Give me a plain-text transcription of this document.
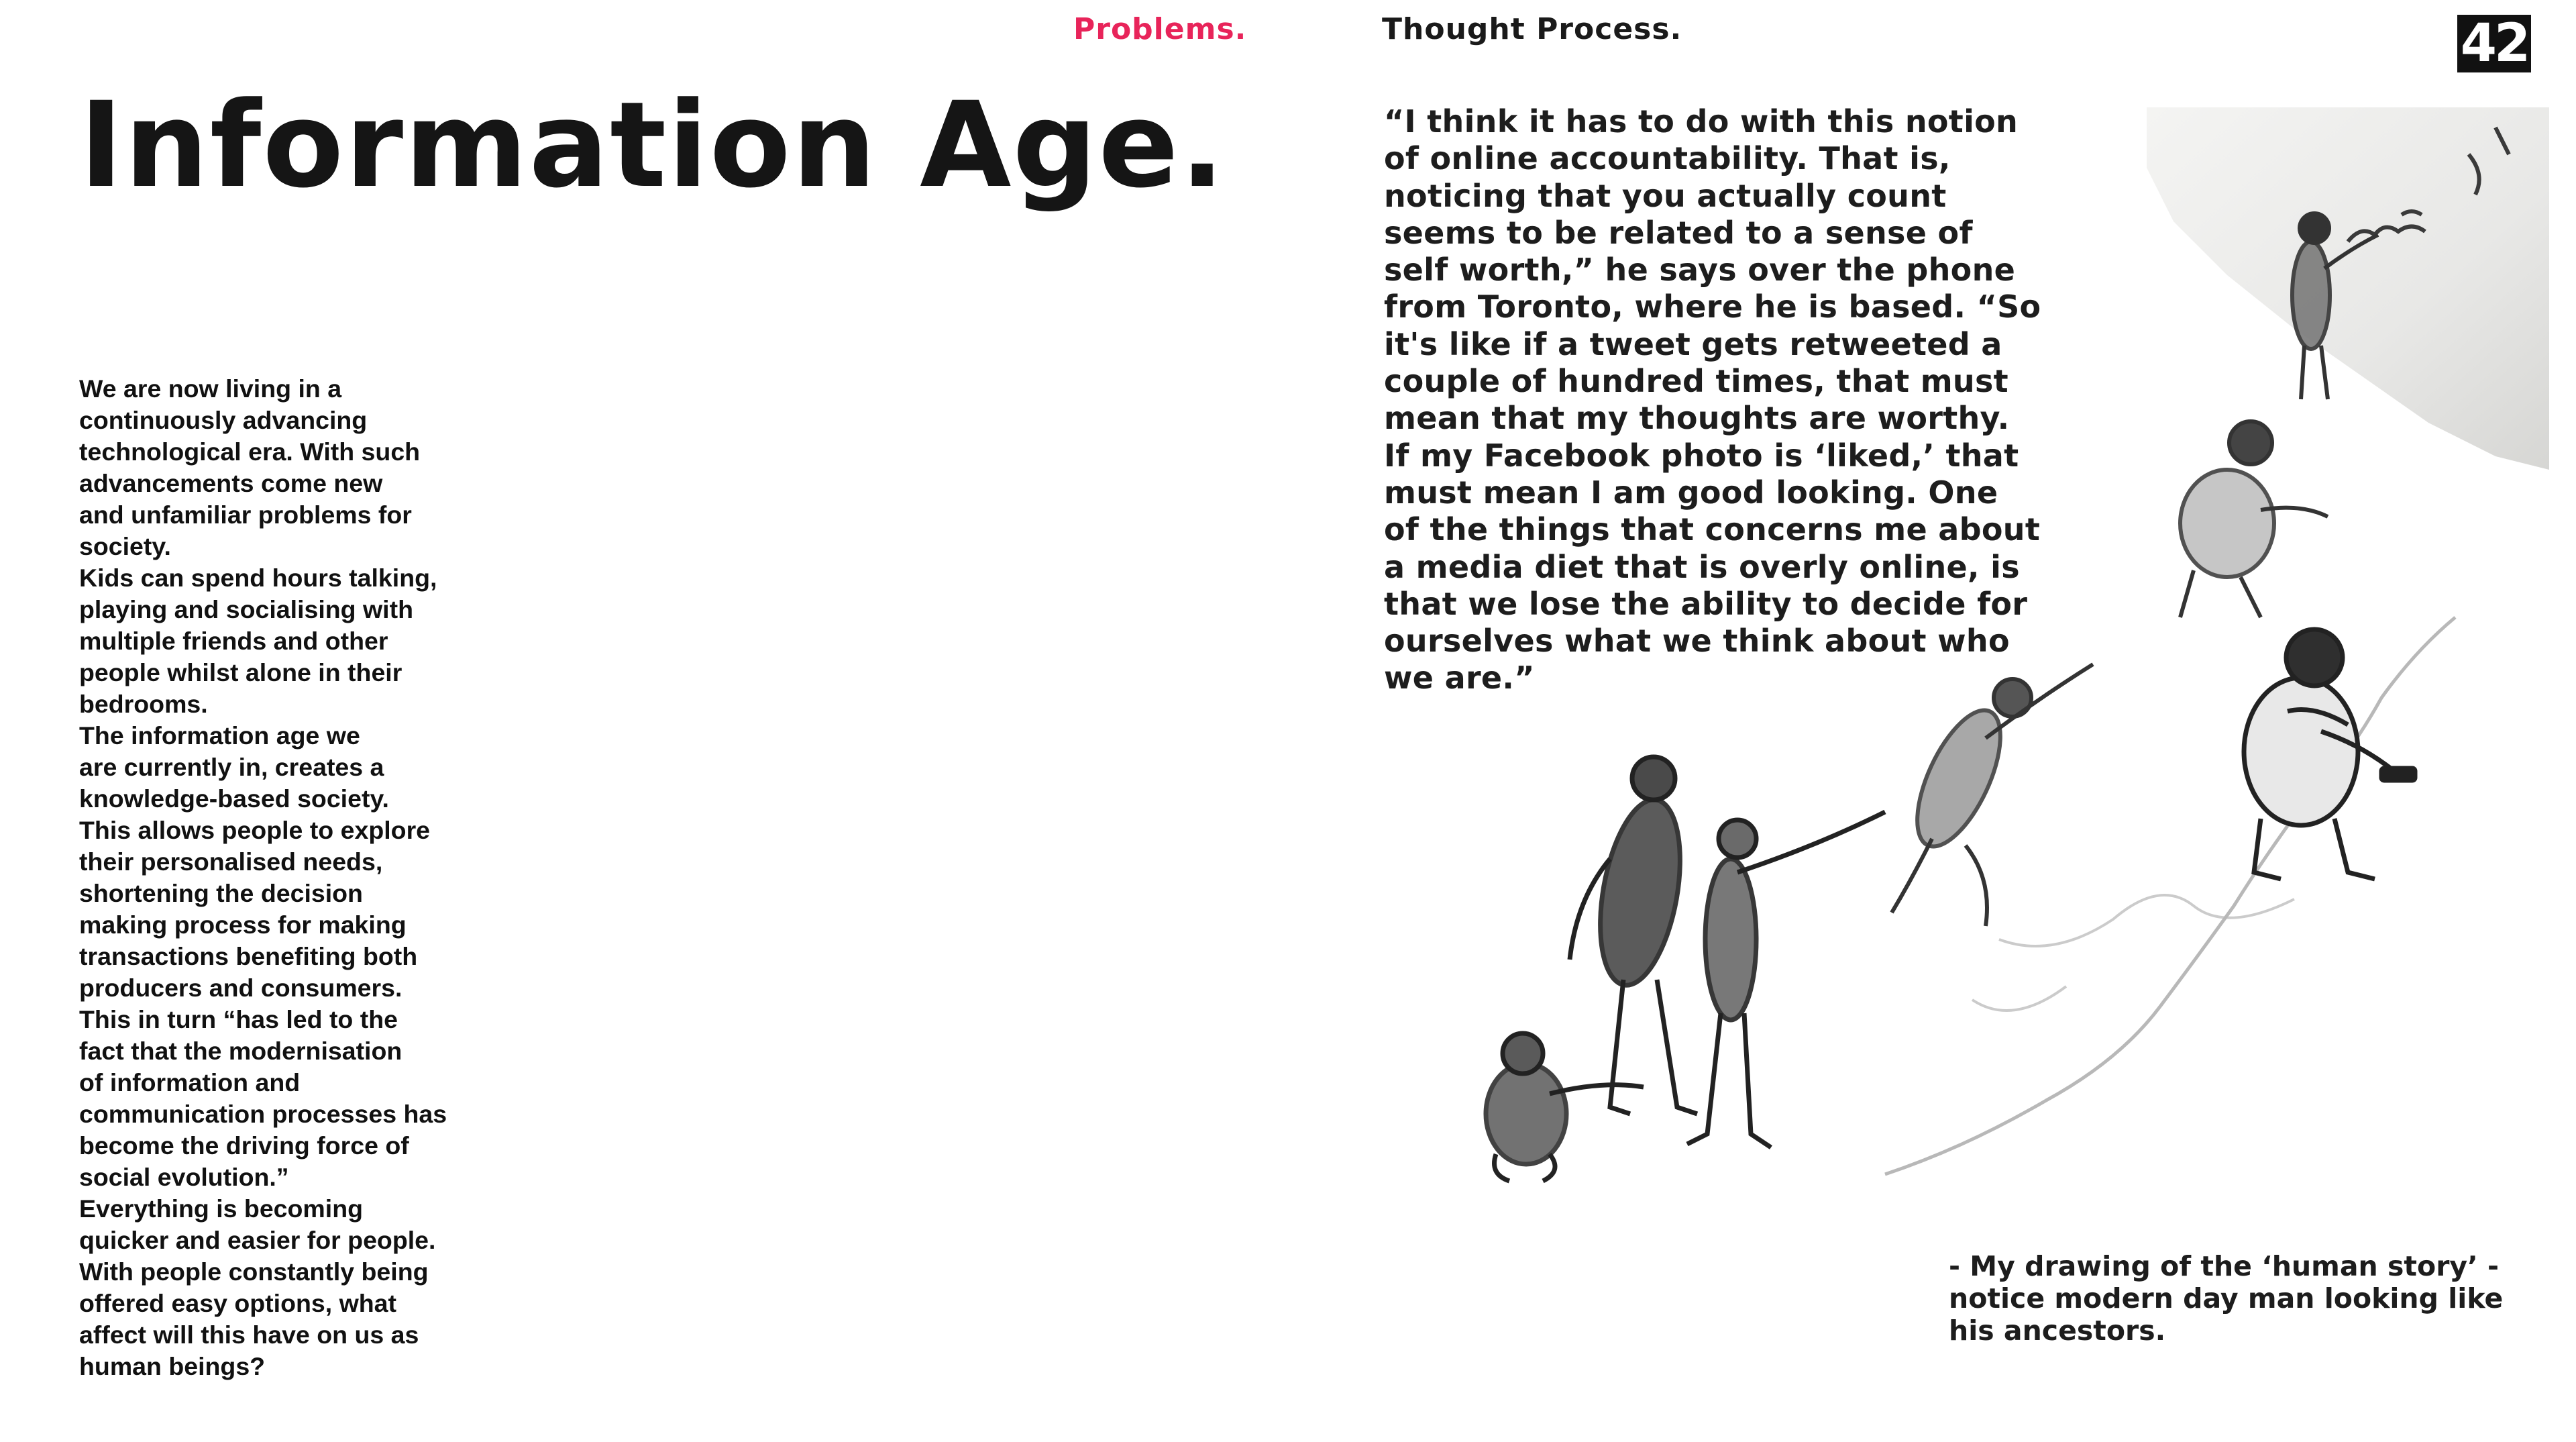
Problems.	Thought Process.	42
Information Age.

We are now living in a

continuously advancing

technological era. With such

advancements come new

and unfamiliar problems for

society.

Kids can spend hours talking,

playing and socialising with

multiple friends and other

people whilst alone in their

bedrooms.

The information age we

are currently in, creates a

knowledge-based society.

This allows people to explore

their personalised needs,

shortening the decision

making process for making

transactions benefiting both

producers and consumers.

This in turn “has led to the

fact that the modernisation

of information and

communication processes has

become the driving force of

social evolution.”

Everything is becoming

quicker and easier for people.

With people constantly being

offered easy options, what

affect will this have on us as

human beings?

“I think it has to do with this notion
of online accountability. That is,
noticing that you actually count
seems to be related to a sense of
self worth,” he says over the phone
from Toronto, where he is based. “So
it's like if a tweet gets retweeted a
couple of hundred times, that must
mean that my thoughts are worthy.
If my Facebook photo is ‘liked,’ that
must mean I am good looking. One
of the things that concerns me about
a media diet that is overly online, is
that we lose the ability to decide for
ourselves what we think about who
we are.”
- My drawing of the ‘human story’ -
notice modern day man looking like
his ancestors.
